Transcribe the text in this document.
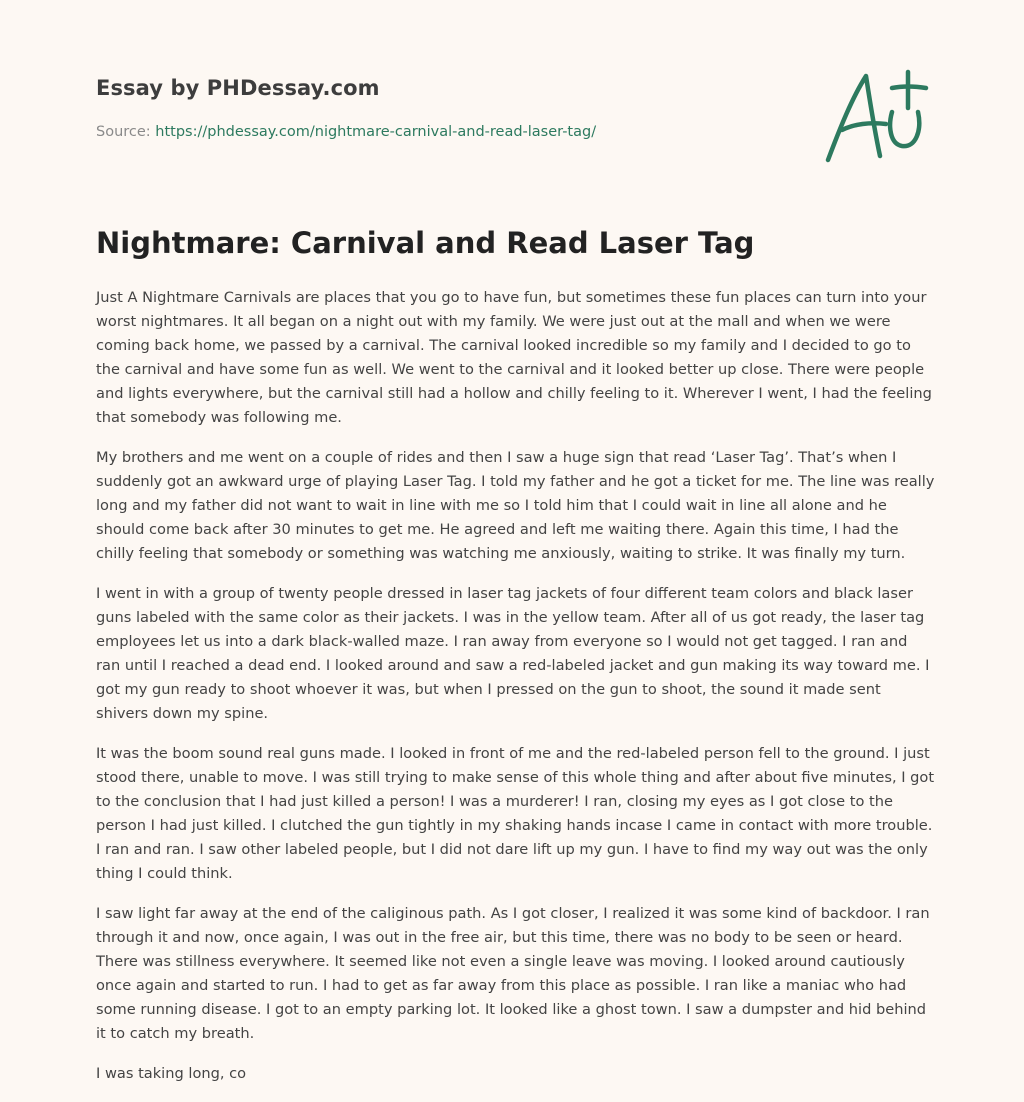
Essay by PHDessay.com
Source: https://phdessay.com/nightmare-carnival-and-read-laser-tag/
Nightmare: Carnival and Read Laser Tag

Just A Nightmare Carnivals are places that you go to have fun, but sometimes these fun places can turn into your worst nightmares. It all began on a night out with my family. We were just out at the mall and when we were coming back home, we passed by a carnival. The carnival looked incredible so my family and I decided to go to the carnival and have some fun as well. We went to the carnival and it looked better up close. There were people and lights everywhere, but the carnival still had a hollow and chilly feeling to it. Wherever I went, I had the feeling that somebody was following me.

My brothers and me went on a couple of rides and then I saw a huge sign that read ‘Laser Tag’. That’s when I suddenly got an awkward urge of playing Laser Tag. I told my father and he got a ticket for me. The line was really long and my father did not want to wait in line with me so I told him that I could wait in line all alone and he should come back after 30 minutes to get me. He agreed and left me waiting there. Again this time, I had the chilly feeling that somebody or something was watching me anxiously, waiting to strike. It was finally my turn.

I went in with a group of twenty people dressed in laser tag jackets of four different team colors and black laser guns labeled with the same color as their jackets. I was in the yellow team. After all of us got ready, the laser tag employees let us into a dark black-walled maze. I ran away from everyone so I would not get tagged. I ran and ran until I reached a dead end. I looked around and saw a red-labeled jacket and gun making its way toward me. I got my gun ready to shoot whoever it was, but when I pressed on the gun to shoot, the sound it made sent shivers down my spine.

It was the boom sound real guns made. I looked in front of me and the red-labeled person fell to the ground. I just stood there, unable to move. I was still trying to make sense of this whole thing and after about five minutes, I got to the conclusion that I had just killed a person! I was a murderer! I ran, closing my eyes as I got close to the person I had just killed. I clutched the gun tightly in my shaking hands incase I came in contact with more trouble. I ran and ran. I saw other labeled people, but I did not dare lift up my gun. I have to find my way out was the only thing I could think.

I saw light far away at the end of the caliginous path. As I got closer, I realized it was some kind of backdoor. I ran through it and now, once again, I was out in the free air, but this time, there was no body to be seen or heard. There was stillness everywhere. It seemed like not even a single leave was moving. I looked around cautiously once again and started to run. I had to get as far away from this place as possible. I ran like a maniac who had some running disease. I got to an empty parking lot. It looked like a ghost town. I saw a dumpster and hid behind it to catch my breath.

I was taking long, co
